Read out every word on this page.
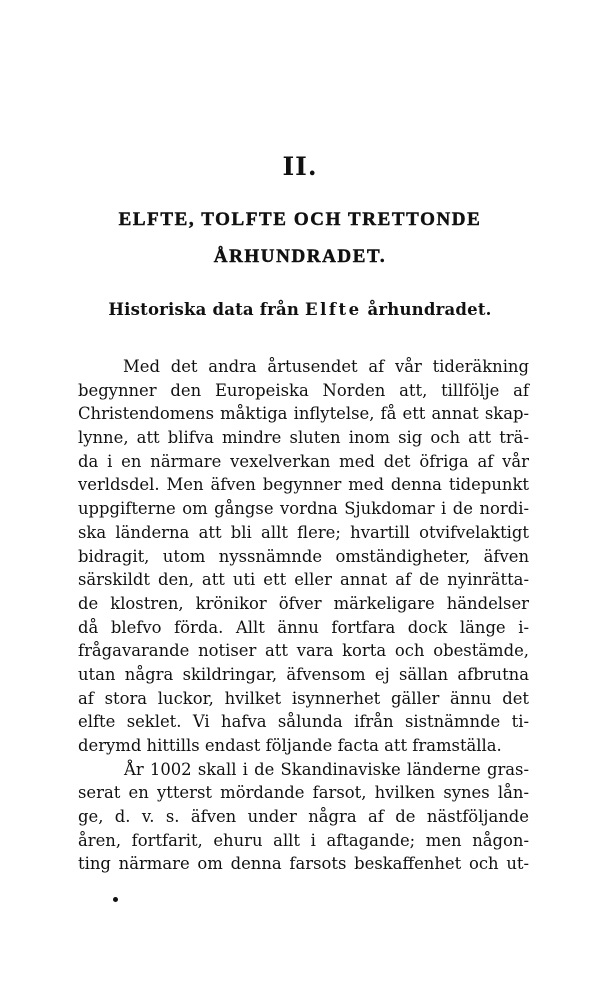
II.
ELFTE, TOLFTE OCH TRETTONDE
ÅRHUNDRADET.
Historiska data från Elfte århundradet.
Med det andra årtusendet af vår tideräkning
begynner den Europeiska Norden att, tillfölje af
Christendomens måktiga inflytelse, få ett annat skap-
lynne, att blifva mindre sluten inom sig och att trä-
da i en närmare vexelverkan med det öfriga af vår
verldsdel. Men äfven begynner med denna tidepunkt
uppgifterne om gångse vordna Sjukdomar i de nordi-
ska länderna att bli allt flere; hvartill otvifvelaktigt
bidragit, utom nyssnämnde omständigheter, äfven
särskildt den, att uti ett eller annat af de nyinrätta-
de klostren, krönikor öfver märkeligare händelser
då blefvo förda. Allt ännu fortfara dock länge i-
frågavarande notiser att vara korta och obestämde,
utan några skildringar, äfvensom ej sällan afbrutna
af stora luckor, hvilket isynnerhet gäller ännu det
elfte seklet. Vi hafva sålunda ifrån sistnämnde ti-
derymd hittills endast följande facta att framställa.
År 1002 skall i de Skandinaviske länderne gras-
serat en ytterst mördande farsot, hvilken synes lån-
ge, d. v. s. äfven under några af de nästföljande
åren, fortfarit, ehuru allt i aftagande; men någon-
ting närmare om denna farsots beskaffenhet och ut-
